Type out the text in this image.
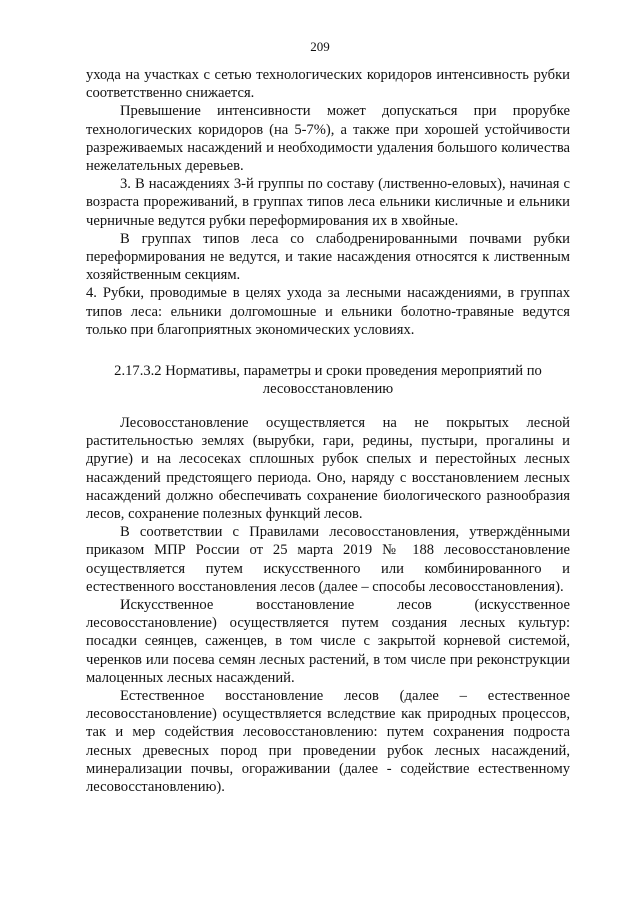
209

ухода на участках с сетью технологических коридоров интенсивность рубки соответственно снижается.

Превышение интенсивности может допускаться при прорубке технологических коридоров (на 5-7%), а также при хорошей устойчивости разреживаемых насаждений и необходимости удаления большого количества нежелательных деревьев.

3. В насаждениях 3-й группы по составу (лиственно-еловых), начиная с возраста прореживаний, в группах типов леса ельники кисличные и ельники черничные ведутся рубки переформирования их в хвойные.

В группах типов леса со слабодренированными почвами рубки переформирования не ведутся, и такие насаждения относятся к лиственным хозяйственным секциям.

4. Рубки, проводимые в целях ухода за лесными насаждениями, в группах типов леса: ельники долгомошные и ельники болотно-травяные ведутся только при благоприятных экономических условиях.

2.17.3.2 Нормативы, параметры и сроки проведения мероприятий по лесовосстановлению

Лесовосстановление осуществляется на не покрытых лесной растительностью землях (вырубки, гари, редины, пустыри, прогалины и другие) и на лесосеках сплошных рубок спелых и перестойных лесных насаждений предстоящего периода. Оно, наряду с восстановлением лесных насаждений должно обеспечивать сохранение биологического разнообразия лесов, сохранение полезных функций лесов.

В соответствии с Правилами лесовосстановления, утверждёнными приказом МПР России от 25 марта 2019 № 188 лесовосстановление осуществляется путем искусственного или комбинированного и естественного восстановления лесов (далее – способы лесовосстановления).

Искусственное восстановление лесов (искусственное лесовосстановление) осуществляется путем создания лесных культур: посадки сеянцев, саженцев, в том числе с закрытой корневой системой, черенков или посева семян лесных растений, в том числе при реконструкции малоценных лесных насаждений.

Естественное восстановление лесов (далее – естественное лесовосстановление) осуществляется вследствие как природных процессов, так и мер содействия лесовосстановлению: путем сохранения подроста лесных древесных пород при проведении рубок лесных насаждений, минерализации почвы, огораживании (далее - содействие естественному лесовосстановлению).
